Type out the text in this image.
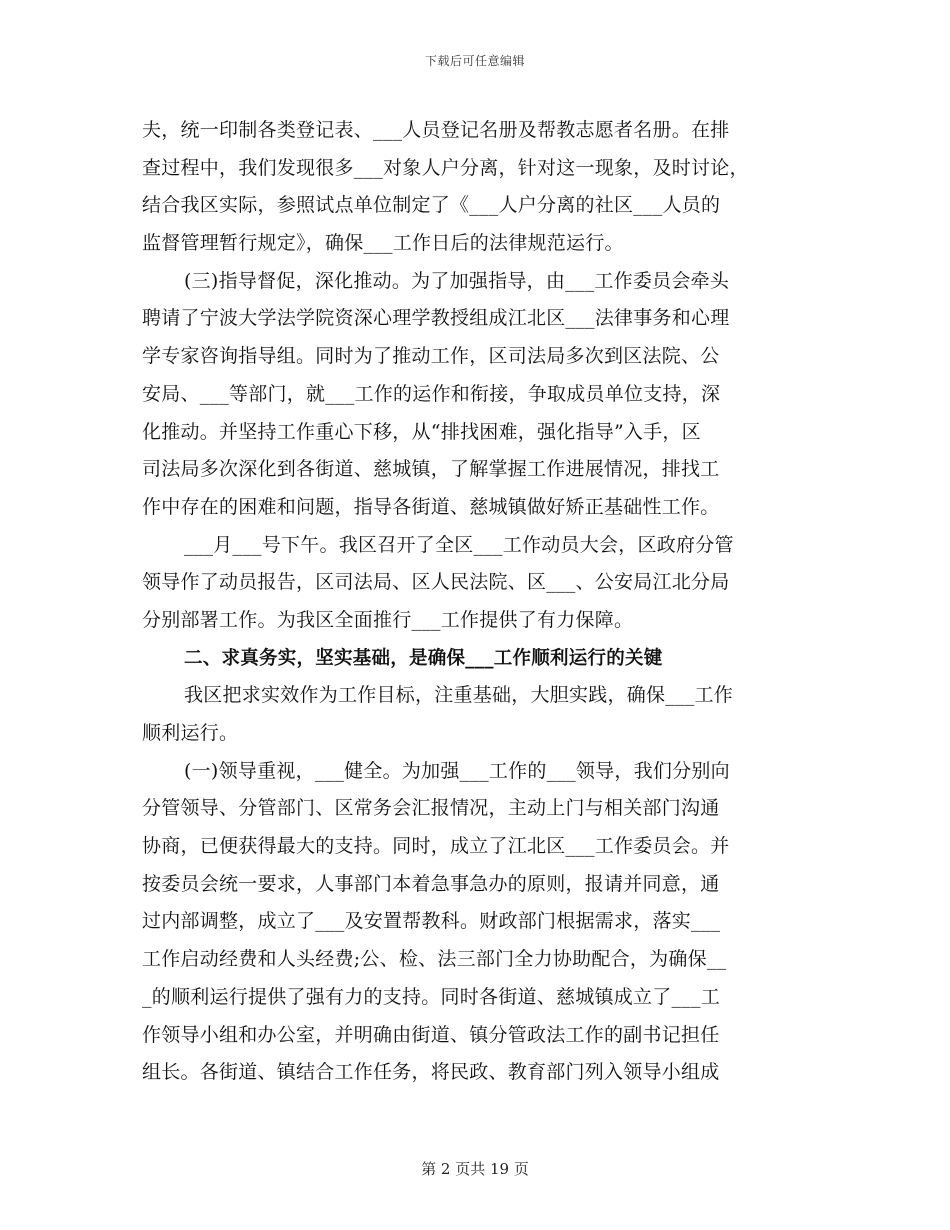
下载后可任意编辑
夫，统一印制各类登记表、___人员登记名册及帮教志愿者名册。在排
查过程中，我们发现很多___对象人户分离，针对这一现象，及时讨论，
结合我区实际，参照试点单位制定了《___人户分离的社区___人员的
监督管理暂行规定》，确保___工作日后的法律规范运行。
(三)指导督促，深化推动。为了加强指导，由___工作委员会牵头
聘请了宁波大学法学院资深心理学教授组成江北区___法律事务和心理
学专家咨询指导组。同时为了推动工作，区司法局多次到区法院、公
安局、___等部门，就___工作的运作和衔接，争取成员单位支持，深
化推动。并坚持工作重心下移，从“排找困难，强化指导”入手，区
司法局多次深化到各街道、慈城镇，了解掌握工作进展情况，排找工
作中存在的困难和问题，指导各街道、慈城镇做好矫正基础性工作。
___月___号下午。我区召开了全区___工作动员大会，区政府分管
领导作了动员报告，区司法局、区人民法院、区___、公安局江北分局
分别部署工作。为我区全面推行___工作提供了有力保障。
二、求真务实，坚实基础，是确保___工作顺利运行的关键
我区把求实效作为工作目标，注重基础，大胆实践，确保___工作
顺利运行。
(一)领导重视，___健全。为加强___工作的___领导，我们分别向
分管领导、分管部门、区常务会汇报情况，主动上门与相关部门沟通
协商，已便获得最大的支持。同时，成立了江北区___工作委员会。并
按委员会统一要求，人事部门本着急事急办的原则，报请并同意，通
过内部调整，成立了___及安置帮教科。财政部门根据需求，落实___
工作启动经费和人头经费;公、检、法三部门全力协助配合，为确保__
_的顺利运行提供了强有力的支持。同时各街道、慈城镇成立了___工
作领导小组和办公室，并明确由街道、镇分管政法工作的副书记担任
组长。各街道、镇结合工作任务，将民政、教育部门列入领导小组成
第 2 页共 19 页
